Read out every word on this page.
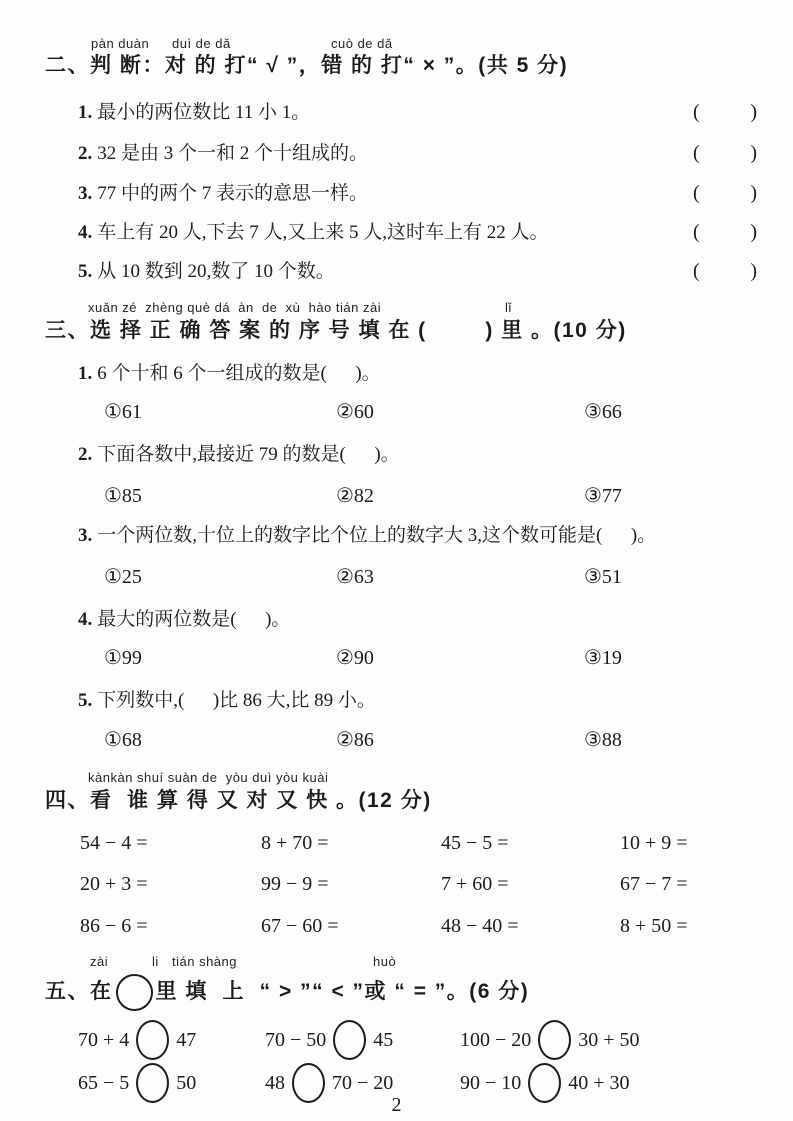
pàn duàn duì de dǎ	cuò de dǎ
二、判 断：对 的 打“ √ ”，错 的 打“ × ”。(共 5 分)
1. 最小的两位数比 11 小 1。	(	)
2. 32 是由 3 个一和 2 个十组成的。	(	)
3. 77 中的两个 7 表示的意思一样。	(	)
4. 车上有 20 人,下去 7 人,又上来 5 人,这时车上有 22 人。	(	)
5. 从 10 数到 20,数了 10 个数。	(	)
xuǎn zé  zhèng què dá  àn  de  xù  hào tián zài	lǐ
三、选 择 正 确 答 案 的 序 号 填 在 (        ) 里 。(10 分)
1. 6 个十和 6 个一组成的数是(      )。
①61	②60	③66
2. 下面各数中,最接近 79 的数是(      )。
①85	②82	③77
3. 一个两位数,十位上的数字比个位上的数字大 3,这个数可能是(      )。
①25	②63	③51
4. 最大的两位数是(      )。
①99	②90	③19
5. 下列数中,(      )比 86 大,比 89 小。
①68	②86	③88
kànkàn shuí suàn de  yòu duì yòu kuài
四、看  谁 算 得 又 对 又 快 。(12 分)
54 − 4 =	8 + 70 =	45 − 5 =	10 + 9 =
20 + 3 =	99 − 9 =	7 + 60 =	67 − 7 =
86 − 6 =	67 − 60 =	48 − 40 =	8 + 50 =
zài	li tián shàng	huò
五、在 里 填  上  “ > ”“ < ”或 “ = ”。(6 分)
70 + 4 47	70 − 50 45	100 − 20 30 + 50
65 − 5 50	48 70 − 20	90 − 10 40 + 30
2
